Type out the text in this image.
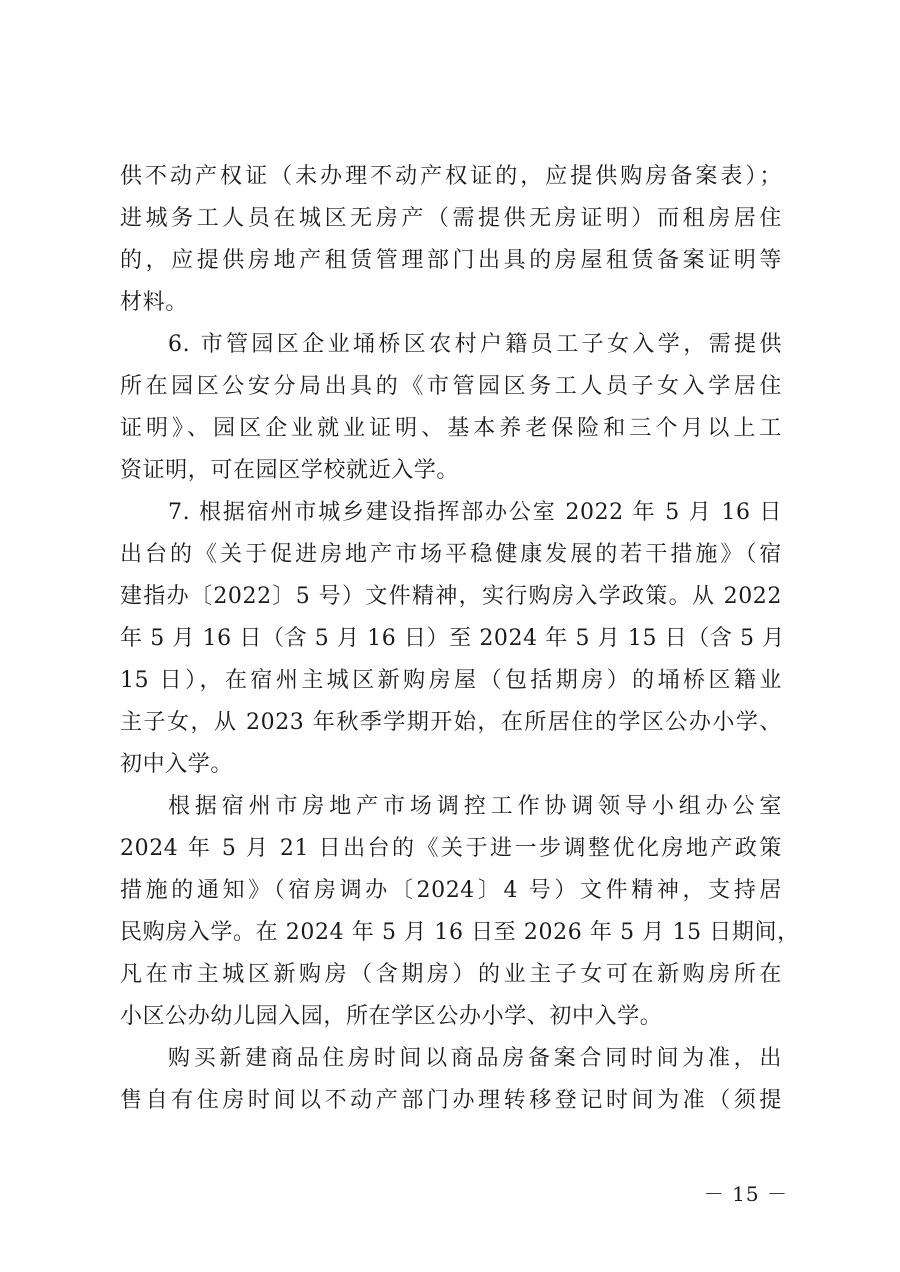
供不动产权证（未办理不动产权证的，应提供购房备案表）；
进城务工人员在城区无房产（需提供无房证明）而租房居住
的，应提供房地产租赁管理部门出具的房屋租赁备案证明等
材料。
6. 市管园区企业埇桥区农村户籍员工子女入学，需提供
所在园区公安分局出具的《市管园区务工人员子女入学居住
证明》、园区企业就业证明、基本养老保险和三个月以上工
资证明，可在园区学校就近入学。
7. 根据宿州市城乡建设指挥部办公室 2022 年 5 月 16 日
出台的《关于促进房地产市场平稳健康发展的若干措施》（宿
建指办〔2022〕5 号）文件精神，实行购房入学政策。从 2022
年 5 月 16 日（含 5 月 16 日）至 2024 年 5 月 15 日（含 5 月
15 日），在宿州主城区新购房屋（包括期房）的埇桥区籍业
主子女，从 2023 年秋季学期开始，在所居住的学区公办小学、
初中入学。
根据宿州市房地产市场调控工作协调领导小组办公室
2024 年 5 月 21 日出台的《关于进一步调整优化房地产政策
措施的通知》（宿房调办〔2024〕4 号）文件精神，支持居
民购房入学。在 2024 年 5 月 16 日至 2026 年 5 月 15 日期间，
凡在市主城区新购房（含期房）的业主子女可在新购房所在
小区公办幼儿园入园，所在学区公办小学、初中入学。
购买新建商品住房时间以商品房备案合同时间为准，出
售自有住房时间以不动产部门办理转移登记时间为准（须提
－ 15 －
